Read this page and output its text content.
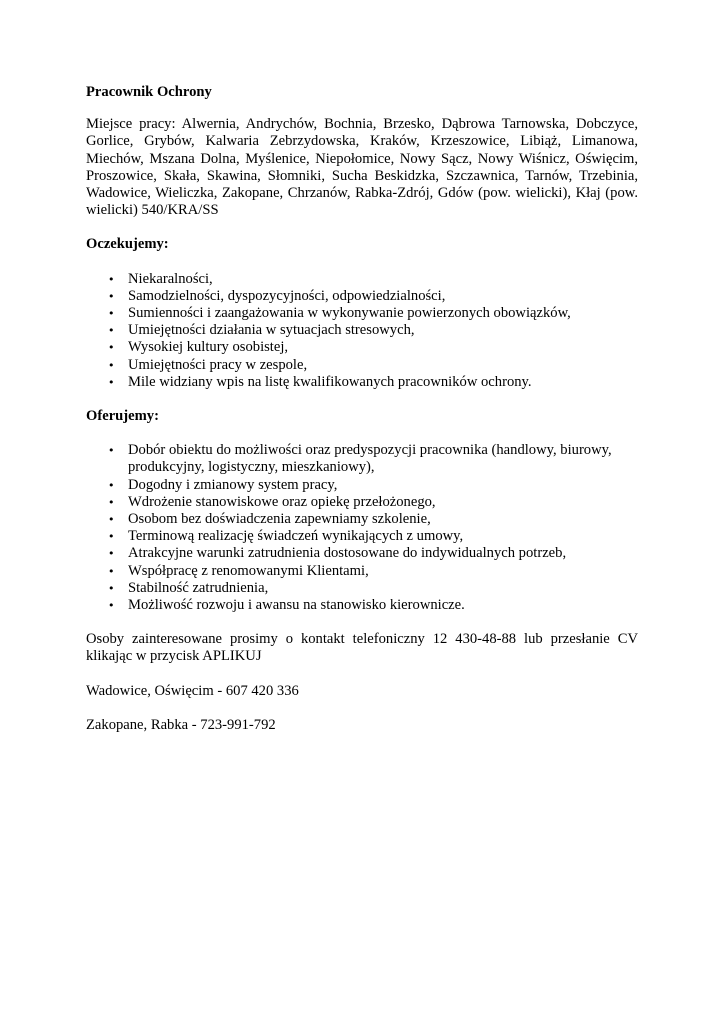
Pracownik Ochrony
Miejsce pracy: Alwernia, Andrychów, Bochnia, Brzesko, Dąbrowa Tarnowska, Dobczyce, Gorlice, Grybów, Kalwaria Zebrzydowska, Kraków, Krzeszowice, Libiąż, Limanowa, Miechów, Mszana Dolna, Myślenice, Niepołomice, Nowy Sącz, Nowy Wiśnicz, Oświęcim, Proszowice, Skała, Skawina, Słomniki, Sucha Beskidzka, Szczawnica, Tarnów, Trzebinia, Wadowice, Wieliczka, Zakopane, Chrzanów, Rabka-Zdrój, Gdów (pow. wielicki), Kłaj (pow. wielicki) 540/KRA/SS
Oczekujemy:
• Niekaralności,
• Samodzielności, dyspozycyjności, odpowiedzialności,
• Sumienności i zaangażowania w wykonywanie powierzonych obowiązków,
• Umiejętności działania w sytuacjach stresowych,
• Wysokiej kultury osobistej,
• Umiejętności pracy w zespole,
• Mile widziany wpis na listę kwalifikowanych pracowników ochrony.
Oferujemy:
• Dobór obiektu do możliwości oraz predyspozycji pracownika (handlowy, biurowy, produkcyjny, logistyczny, mieszkaniowy),
• Dogodny i zmianowy system pracy,
• Wdrożenie stanowiskowe oraz opiekę przełożonego,
• Osobom bez doświadczenia zapewniamy szkolenie,
• Terminową realizację świadczeń wynikających z umowy,
• Atrakcyjne warunki zatrudnienia dostosowane do indywidualnych potrzeb,
• Współpracę z renomowanymi Klientami,
• Stabilność zatrudnienia,
• Możliwość rozwoju i awansu na stanowisko kierownicze.
Osoby zainteresowane prosimy o kontakt telefoniczny 12 430-48-88 lub przesłanie CV klikając w przycisk APLIKUJ
Wadowice, Oświęcim - 607 420 336
Zakopane, Rabka - 723-991-792
